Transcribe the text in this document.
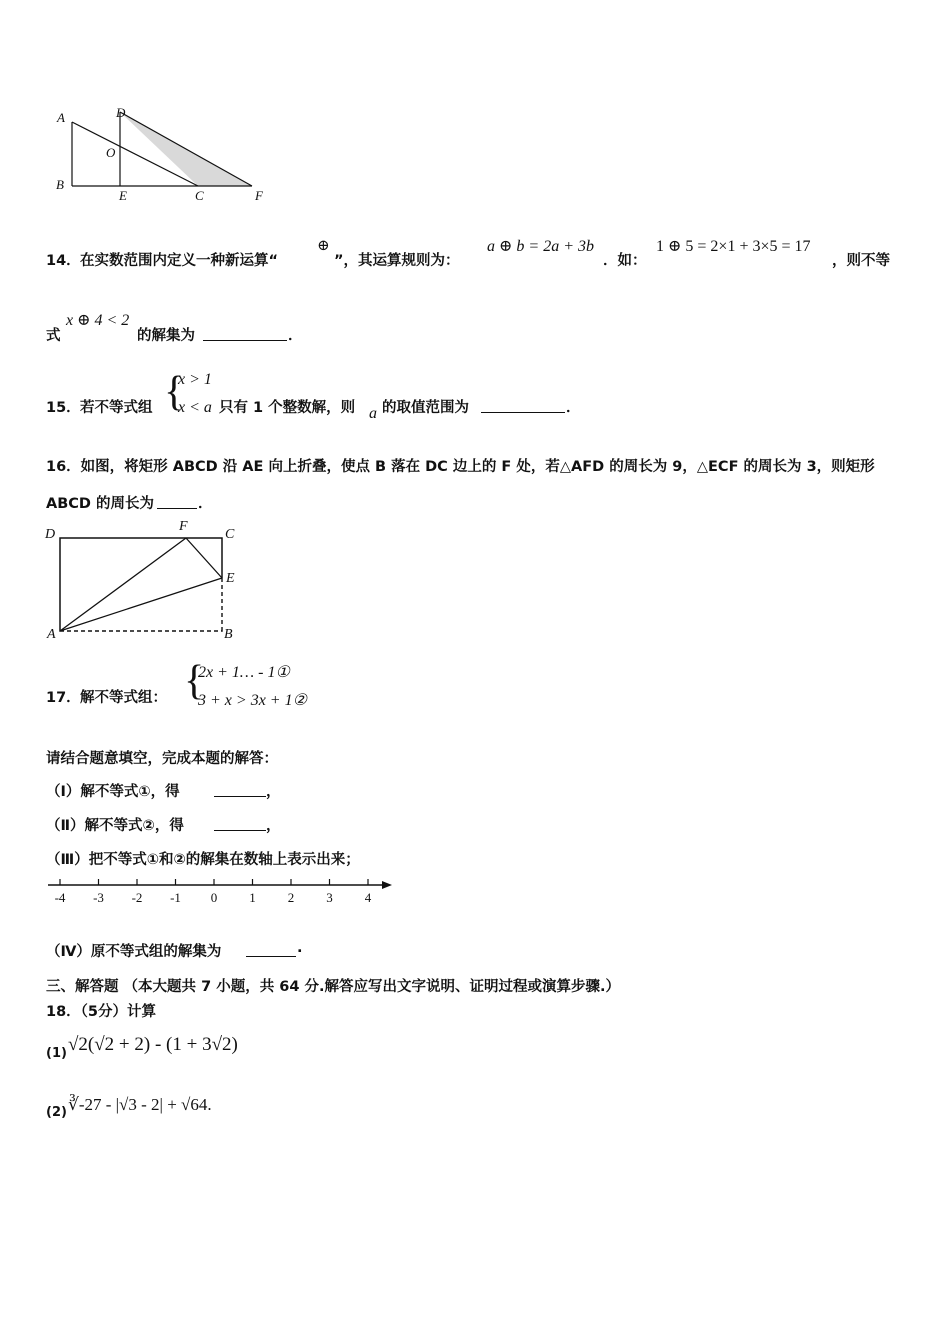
A
B
D
O
E	C	F
14． 在实数范围内定义一种新运算“
⊕
”，其运算规则为：
a ⊕ b = 2a + 3b
．如：
1 ⊕ 5 = 2×1 + 3×5 = 17
，则不等
式
x ⊕ 4 < 2
的解集为	．
15． 若不等式组 {
x > 1
x < a 只有 1 个整数解，则 a 的取值范围为	．
16．如图，将矩形 ABCD 沿 AE 向上折叠，使点 B 落在 DC 边上的 F 处，若△AFD 的周长为 9，△ECF 的周长为 3，则矩形
ABCD 的周长为	．
D
F
C
E
A	B
17． 解不等式组： {
2x + 1… - 1①
3 + x > 3x + 1②
请结合题意填空，完成本题的解答：
（Ⅰ）解不等式①，得	，
（Ⅱ）解不等式②，得	，
（Ⅲ）把不等式①和②的解集在数轴上表示出来；
-4 -3 -2 -1 0 1 2 3 4
（Ⅳ）原不等式组的解集为	.
三、解答题 （本大题共 7 小题，共 64 分.解答应写出文字说明、证明过程或演算步骤.）
18．（5分）计算
(1) √2(√2 + 2) - (1 + 3√2)
(2) ∛-27 - |√3 - 2| + √64.
